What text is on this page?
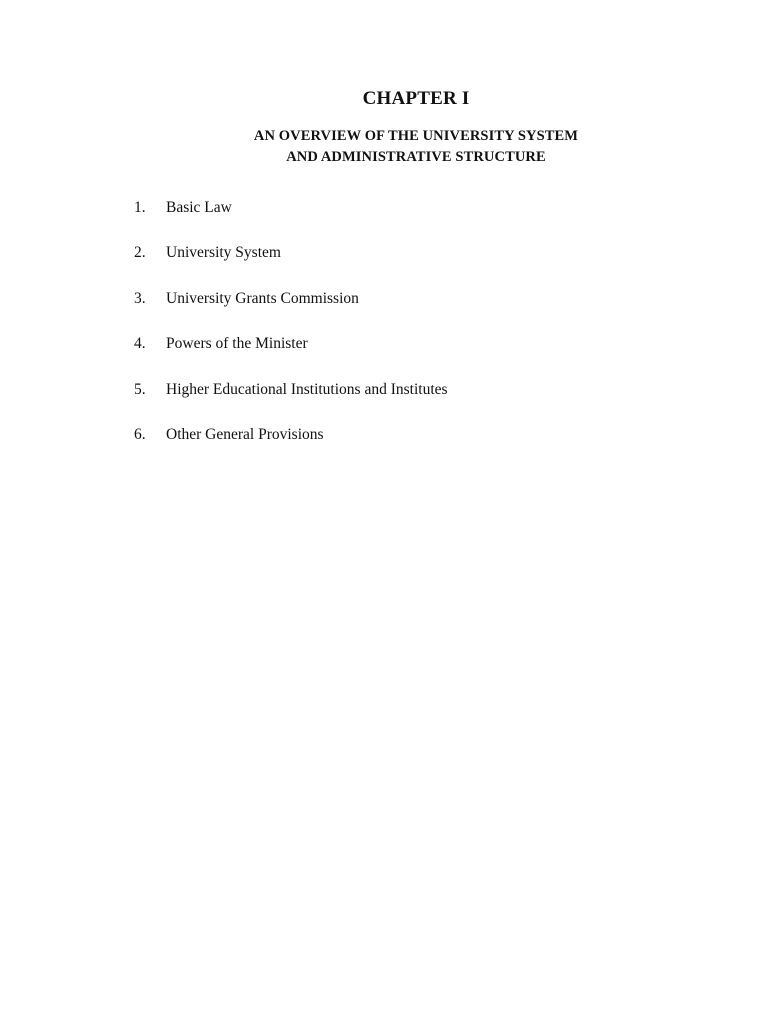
CHAPTER I
AN OVERVIEW OF THE UNIVERSITY SYSTEM
AND ADMINISTRATIVE STRUCTURE
1.	Basic Law
2.	University System
3.	University Grants Commission
4.	Powers of the Minister
5.	Higher Educational Institutions and Institutes
6.	Other General Provisions
